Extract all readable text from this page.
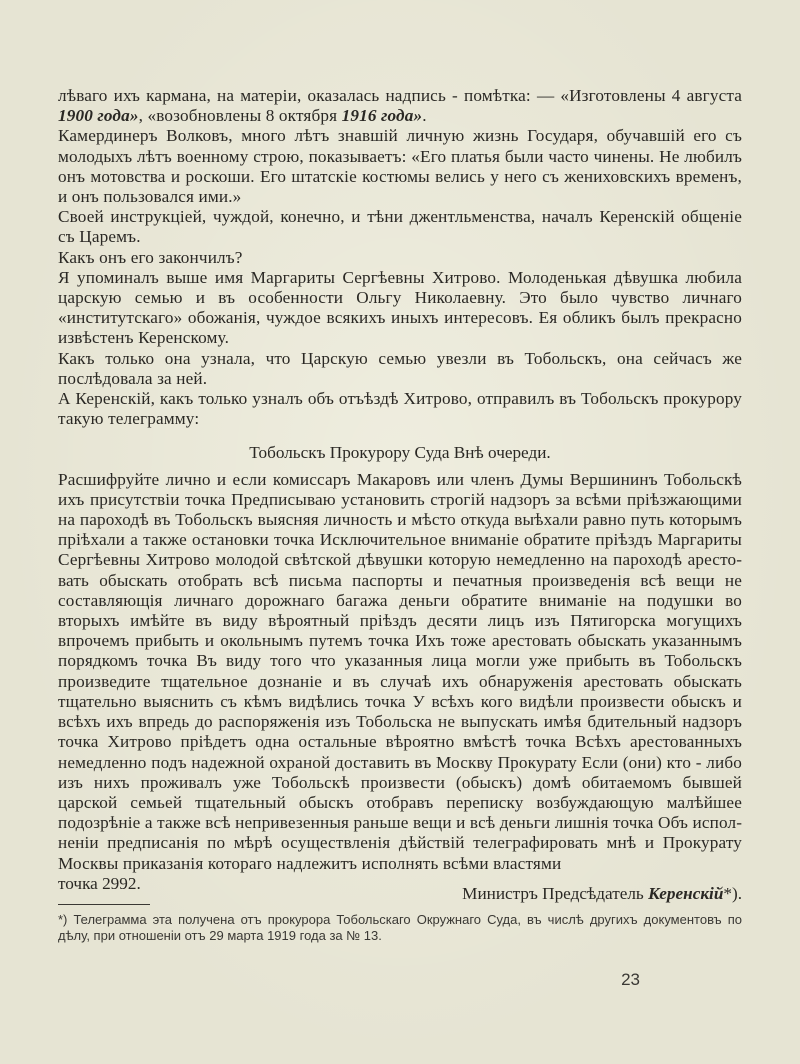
лѣваго ихъ кармана, на матеріи, оказалась надпись - помѣтка: — «Изготовлены 4 августа 1900 года», «возобновлены 8 октября 1916 года».

Камердинеръ Волковъ, много лѣтъ знавшій личную жизнь Государя, обучавшій его съ молодыхъ лѣтъ военному строю, показываетъ: «Его платья были часто чинены. Не любилъ онъ мотовства и роскоши. Его штатскіе костюмы велись у него съ жениховскихъ временъ, и онъ пользовался ими.»

Своей инструкціей, чуждой, конечно, и тѣни джентльменства, началъ Керенскій общеніе съ Царемъ.

Какъ онъ его закончилъ?

Я упоминалъ выше имя Маргариты Сергѣевны Хитрово. Молоденькая дѣвушка любила царскую семью и въ особенности Ольгу Николаевну. Это было чувство личнаго «институтскаго» обожанія, чуждое всякихъ иныхъ интересовъ. Ея обликъ былъ прекрасно извѣстенъ Керенскому.

Какъ только она узнала, что Царскую семью увезли въ Тобольскъ, она сейчасъ же послѣдовала за ней.

А Керенскій, какъ только узналъ объ отъѣздѣ Хитрово, отправилъ въ Тобольскъ прокурору такую телеграмму:

Тобольскъ Прокурору Суда Внѣ очереди.

Расшифруйте лично и если комиссаръ Макаровъ или членъ Думы Вершининъ Тобольскѣ ихъ присутствіи точка Предписываю установить строгій надзоръ за всѣми пріѣзжающими на пароходѣ въ Тобольскъ выясняя личность и мѣсто откуда выѣхали равно путь которымъ пріѣхали а также остановки точка Исключительное вниманіе обратите пріѣздъ Маргариты Сергѣевны Хитрово молодой свѣтской дѣвушки которую немедленно на пароходѣ арестовать обыскать отобрать всѣ письма паспорты и печатныя произведенія всѣ вещи не составляющія личнаго дорожнаго багажа деньги обратите вниманіе на подушки во вторыхъ имѣйте въ виду вѣроятный пріѣздъ десяти лицъ изъ Пятигорска могущихъ впрочемъ прибыть и окольнымъ путемъ точка Ихъ тоже арестовать обыскать указаннымъ порядкомъ точка Въ виду того что указанныя лица могли уже прибыть въ Тобольскъ произведите тщательное дознаніе и въ случаѣ ихъ обнаруженія арестовать обыскать тщательно выяснить съ кѣмъ видѣлись точка У всѣхъ кого видѣли произвести обыскъ и всѣхъ ихъ впредь до распоряженія изъ Тобольска не выпускать имѣя бдительный надзоръ точка Хитрово пріѣдетъ одна остальные вѣроятно вмѣстѣ точка Всѣхъ арестованныхъ немедленно подъ надежной охраной доставить въ Москву Прокурату Если (они) кто - либо изъ нихъ проживалъ уже Тобольскѣ произвести (обыскъ) домѣ обитаемомъ бывшей царской семьей тщательный обыскъ отобравъ переписку возбуждающую малѣйшее подозрѣніе а также всѣ непривезенныя раньше вещи и всѣ деньги лишнія точка Объ исполненіи предписанія по мѣрѣ осуществленія дѣйствій телеграфировать мнѣ и Прокурату Москвы приказанія котораго надлежитъ исполнять всѣми властями

точка 2992.
Министръ Предсѣдатель Керенскій*).
*) Телеграмма эта получена отъ прокурора Тобольскаго Окружнаго Суда, въ числѣ другихъ документовъ по дѣлу, при отношеніи отъ 29 марта 1919 года за № 13.
23
